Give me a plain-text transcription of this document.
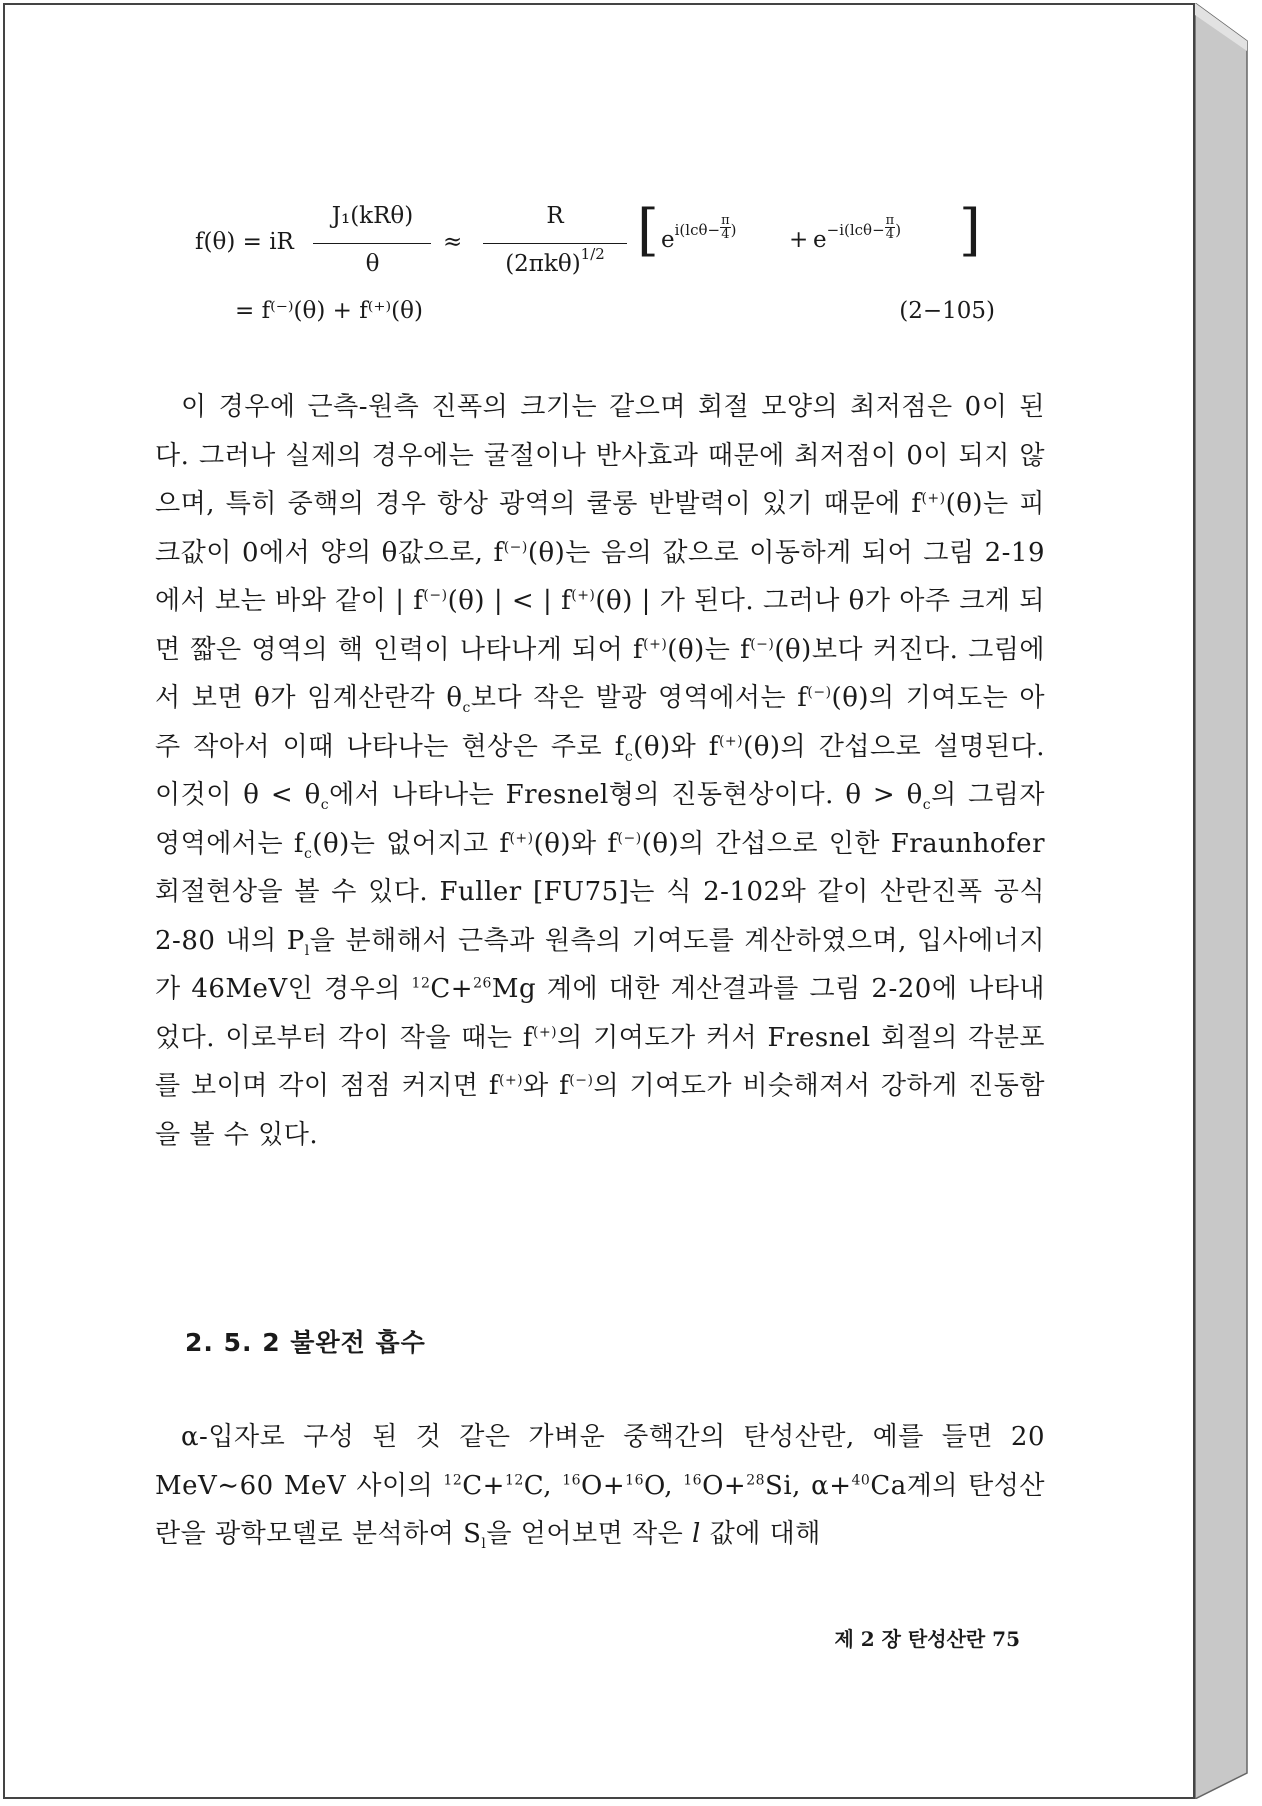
f(θ) = iR
J₁(kRθ)
θ
≈
R
$(2\pi k\theta)^{1/2}$ [ $e^{i(lc\theta-} \frac{\pi}{4} ^) + e^{-i(lc\theta-} \frac{\pi}{4} ^)$ ]
= f⁽⁻⁾(θ) + f⁽⁺⁾(θ)	(2−105)

이 경우에 근측-원측 진폭의 크기는 같으며 회절 모양의 최저점은 0이 된다. 그러나 실제의 경우에는 굴절이나 반사효과 때문에 최저점이 0이 되지 않으며, 특히 중핵의 경우 항상 광역의 쿨롱 반발력이 있기 때문에 f(+)(θ)는 피크값이 0에서 양의 θ값으로, f(−)(θ)는 음의 값으로 이동하게 되어 그림 2-19에서 보는 바와 같이 | f(−)(θ) | < | f(+)(θ) | 가 된다. 그러나 θ가 아주 크게 되면 짧은 영역의 핵 인력이 나타나게 되어 f(+)(θ)는 f(−)(θ)보다 커진다. 그림에서 보면 θ가 임계산란각 $\theta_c$보다 작은 발광 영역에서는 f(−)(θ)의 기여도는 아주 작아서 이때 나타나는 현상은 주로 $f_c(\theta)$와 f(+)(θ)의 간섭으로 설명된다. 이것이 $\theta < \theta_c$에서 나타나는 Fresnel형의 진동현상이다. $\theta > \theta_c$의 그림자 영역에서는 $f_c(\theta)$는 없어지고 f(+)(θ)와 f(−)(θ)의 간섭으로 인한 Fraunhofer 회절현상을 볼 수 있다. Fuller [FU75]는 식 2-102와 같이 산란진폭 공식 2-80 내의 $P_l$을 분해해서 근측과 원측의 기여도를 계산하였으며, 입사에너지가 46MeV인 경우의 $^{12}$C+$^{26}$Mg 계에 대한 계산결과를 그림 2-20에 나타내었다. 이로부터 각이 작을 때는 f(+)의 기여도가 커서 Fresnel 회절의 각분포를 보이며 각이 점점 커지면 f(+)와 f(−)의 기여도가 비슷해져서 강하게 진동함을 볼 수 있다.

2. 5. 2 불완전 흡수

α-입자로 구성 된 것 같은 가벼운 중핵간의 탄성산란, 예를 들면 20 MeV∼60 MeV 사이의 $^{12}$C+$^{12}$C, $^{16}$O+$^{16}$O, $^{16}$O+$^{28}$Si, α+$^{40}$Ca계의 탄성산란을 광학모델로 분석하여 $S_l$을 얻어보면 작은 l 값에 대해

제 2 장 탄성산란 75
